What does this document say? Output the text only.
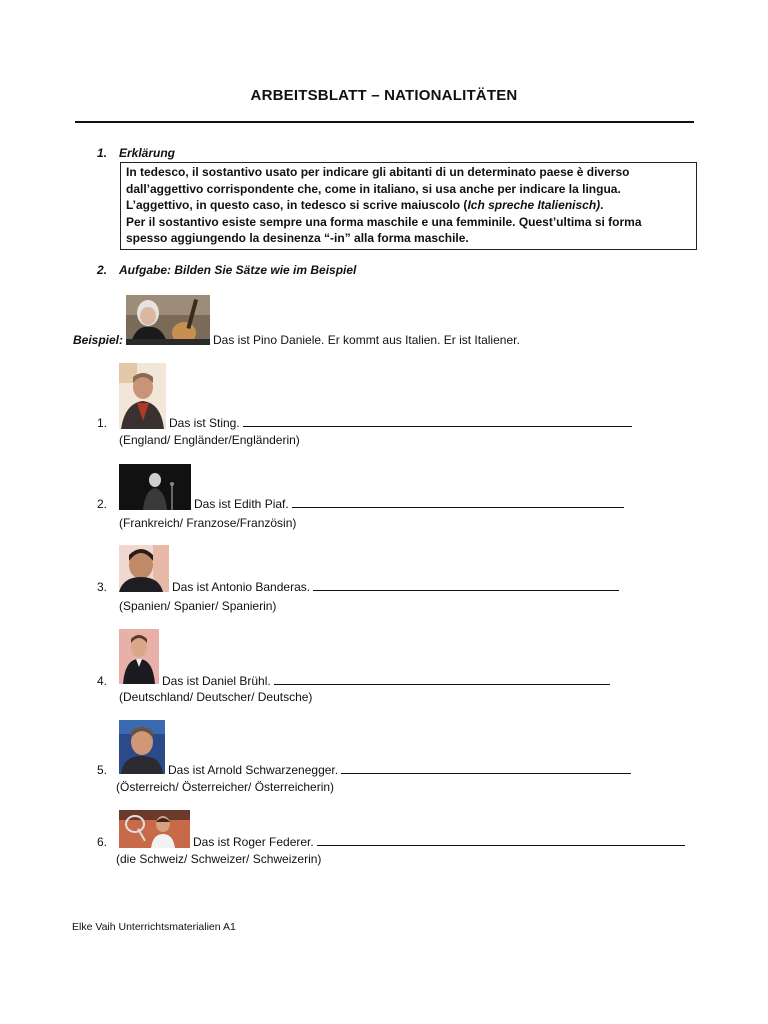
ARBEITSBLATT – NATIONALITÄTEN
1. Erklärung

In tedesco, il sostantivo usato per indicare gli abitanti di un determinato paese è diverso

dall’aggettivo corrispondente che, come in italiano, si usa anche per indicare la lingua.

L’aggettivo, in questo caso, in tedesco si scrive maiuscolo (Ich spreche Italienisch).

Per il sostantivo esiste sempre una forma maschile e una femminile. Quest’ultima si forma

spesso aggiungendo la desinenza “-in” alla forma maschile.

2. Aufgabe: Bilden Sie Sätze wie im Beispiel
Beispiel:	Das ist Pino Daniele. Er kommt aus Italien. Er ist Italiener.
1.	Das ist Sting.
(England/ Engländer/Engländerin)
2.	Das ist Edith Piaf.
(Frankreich/ Franzose/Französin)
3.	Das ist Antonio Banderas.
(Spanien/ Spanier/ Spanierin)
4.	Das ist Daniel Brühl.
(Deutschland/ Deutscher/ Deutsche)
5.	Das ist Arnold Schwarzenegger.
(Österreich/ Österreicher/ Österreicherin)
6.	Das ist Roger Federer.
(die Schweiz/ Schweizer/ Schweizerin)
Elke Vaih Unterrichtsmaterialien A1
